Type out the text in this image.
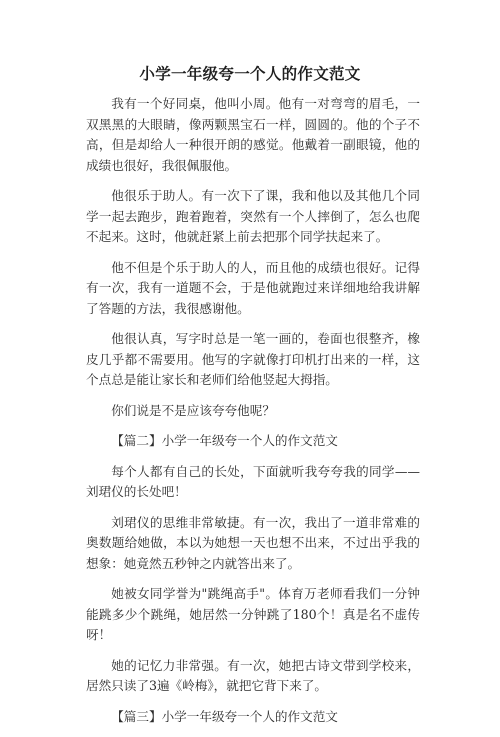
小学一年级夸一个人的作文范文

我有一个好同桌，他叫小周。他有一对弯弯的眉毛，一双黑黑的大眼睛，像两颗黑宝石一样，圆圆的。他的个子不高，但是却给人一种很开朗的感觉。他戴着一副眼镜，他的成绩也很好，我很佩服他。

他很乐于助人。有一次下了课，我和他以及其他几个同学一起去跑步，跑着跑着，突然有一个人摔倒了，怎么也爬不起来。这时，他就赶紧上前去把那个同学扶起来了。

他不但是个乐于助人的人，而且他的成绩也很好。记得有一次，我有一道题不会，于是他就跑过来详细地给我讲解了答题的方法，我很感谢他。

他很认真，写字时总是一笔一画的，卷面也很整齐，橡皮几乎都不需要用。他写的字就像打印机打出来的一样，这个点总是能让家长和老师们给他竖起大拇指。

你们说是不是应该夸夸他呢？

【篇二】小学一年级夸一个人的作文范文

每个人都有自己的长处，下面就听我夸夸我的同学——刘珺仪的长处吧！

刘珺仪的思维非常敏捷。有一次，我出了一道非常难的奥数题给她做，本以为她想一天也想不出来，不过出乎我的想象：她竟然五秒钟之内就答出来了。

她被女同学誉为"跳绳高手"。体育万老师看我们一分钟能跳多少个跳绳，她居然一分钟跳了180个！真是名不虚传呀！

她的记忆力非常强。有一次，她把古诗文带到学校来，居然只读了3遍《岭梅》，就把它背下来了。

【篇三】小学一年级夸一个人的作文范文
